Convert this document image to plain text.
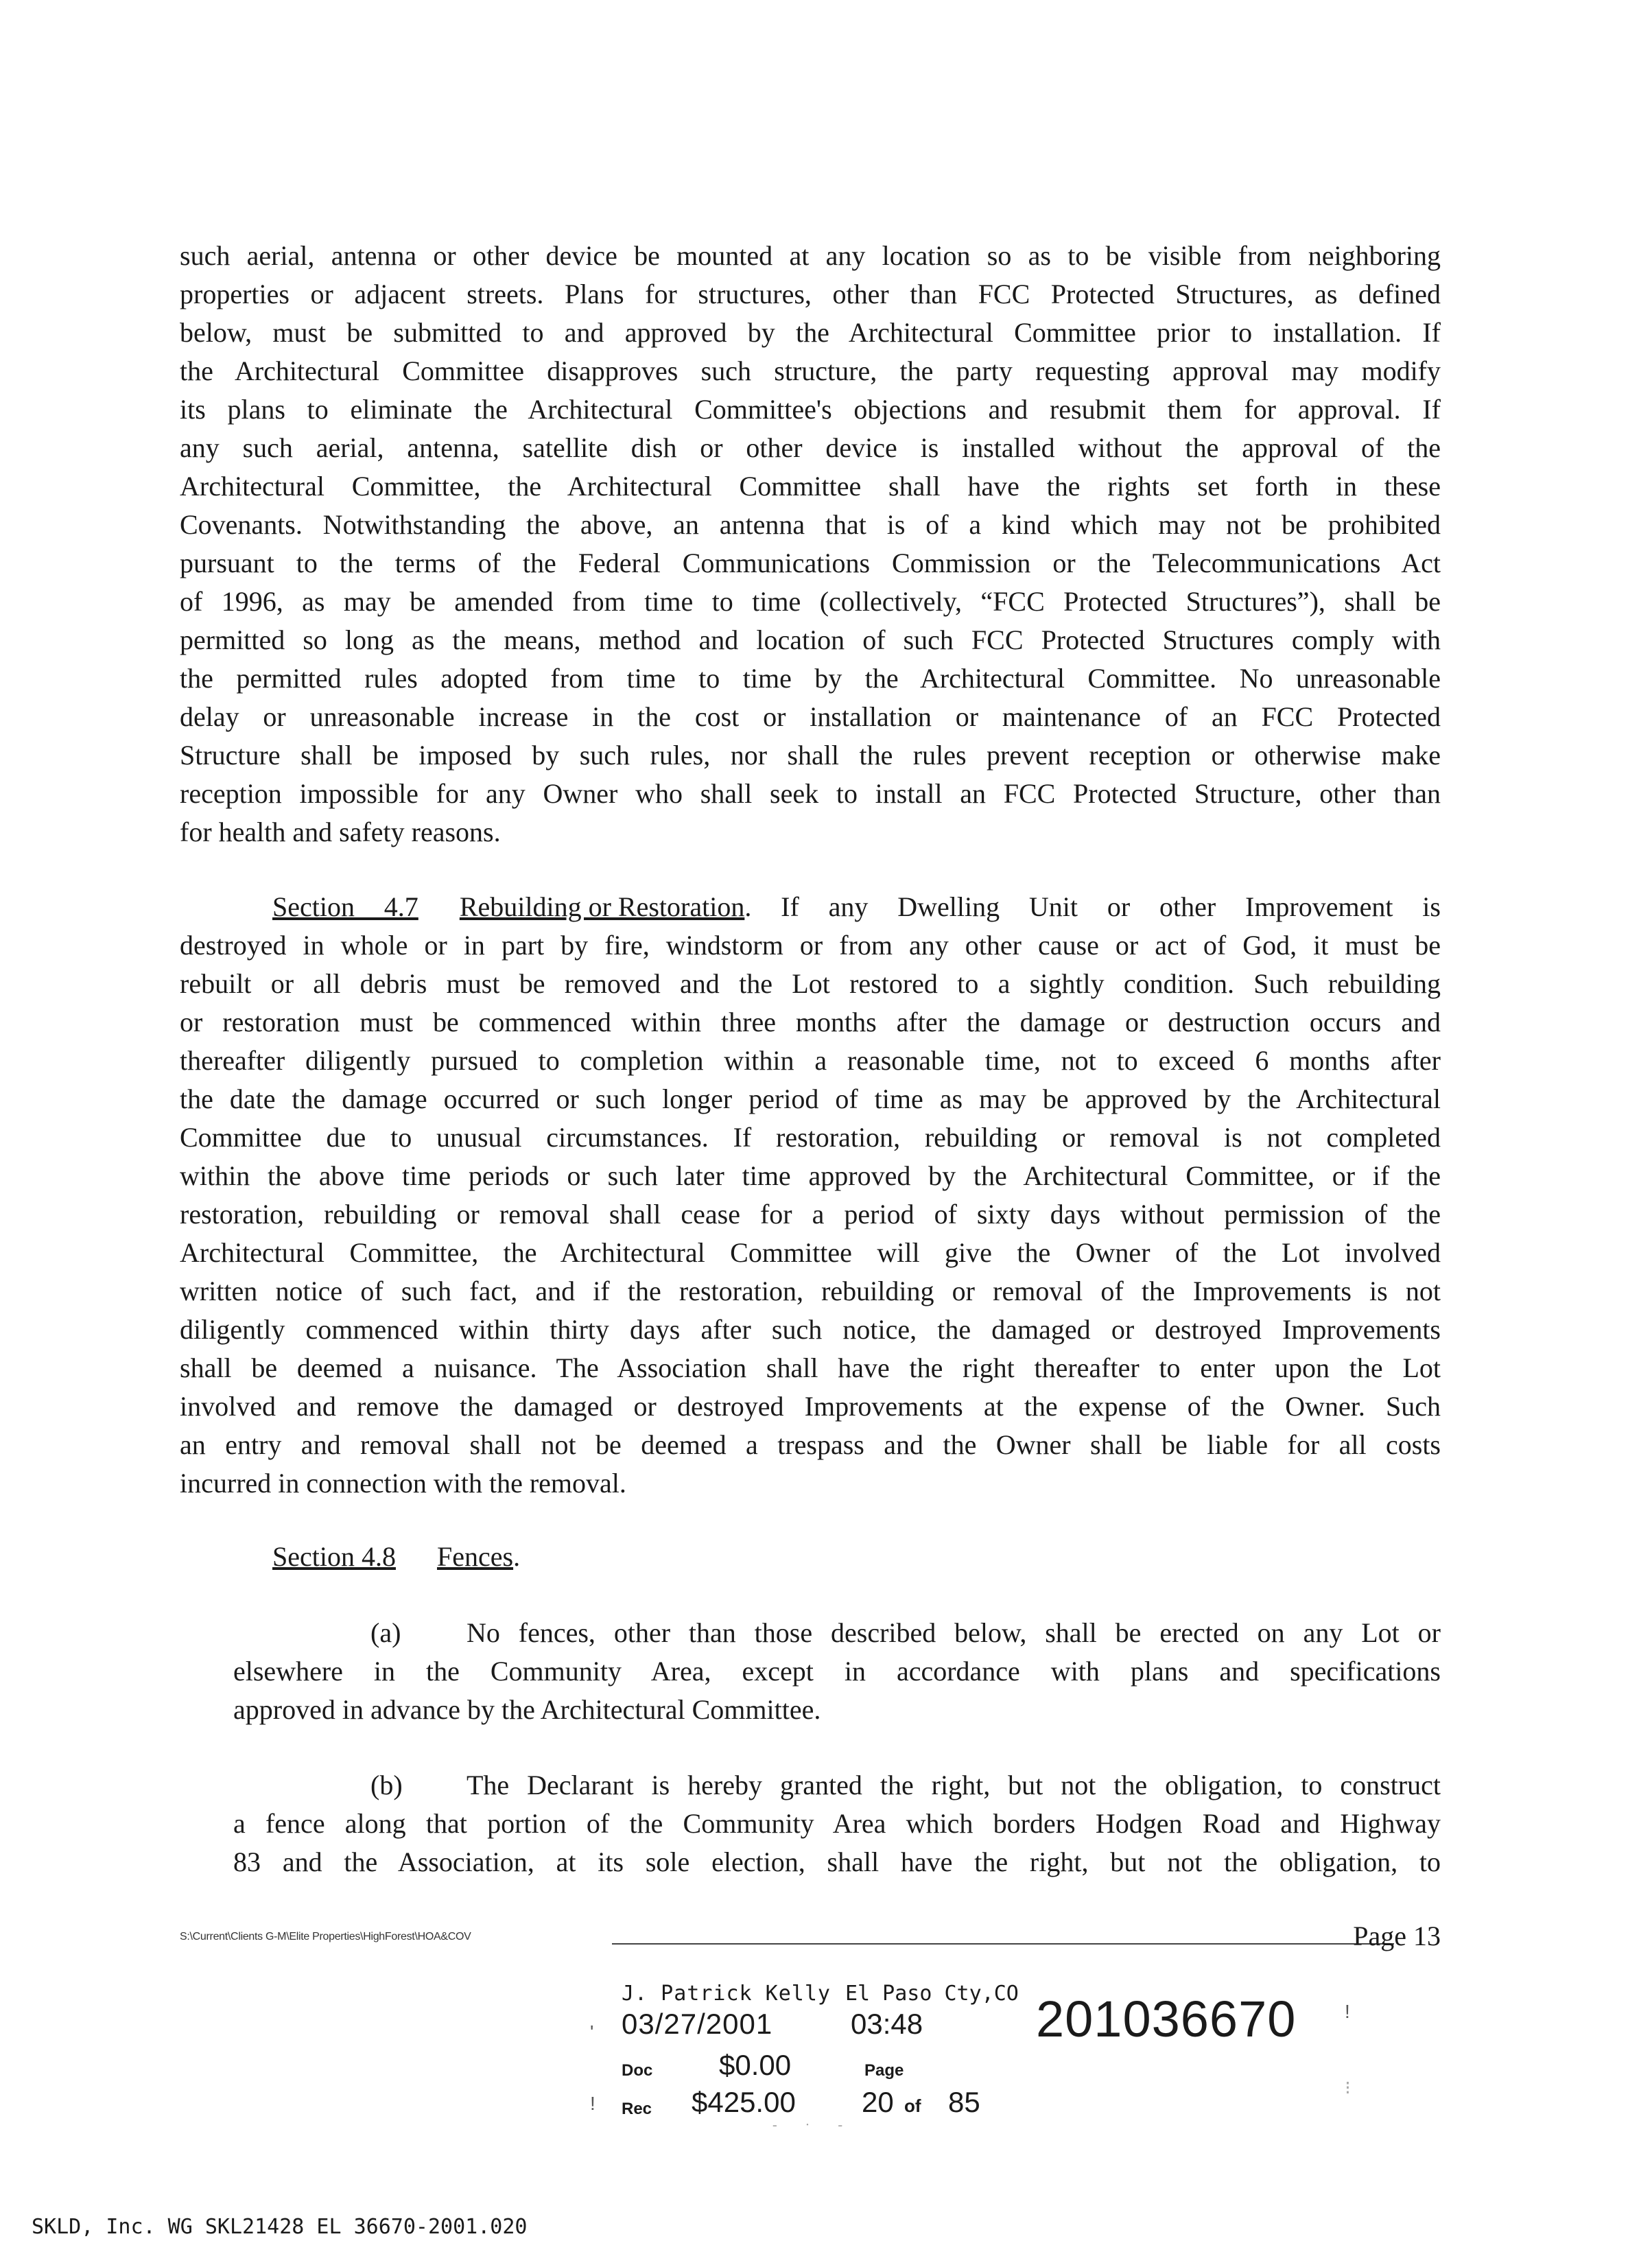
such aerial, antenna or other device be mounted at any location so as to be visible from neighboring
properties or adjacent streets. Plans for structures, other than FCC Protected Structures, as defined
below, must be submitted to and approved by the Architectural Committee prior to installation. If
the Architectural Committee disapproves such structure, the party requesting approval may modify
its plans to eliminate the Architectural Committee's objections and resubmit them for approval. If
any such aerial, antenna, satellite dish or other device is installed without the approval of the
Architectural Committee, the Architectural Committee shall have the rights set forth in these
Covenants. Notwithstanding the above, an antenna that is of a kind which may not be prohibited
pursuant to the terms of the Federal Communications Commission or the Telecommunications Act
of 1996, as may be amended from time to time (collectively, “FCC Protected Structures”), shall be
permitted so long as the means, method and location of such FCC Protected Structures comply with
the permitted rules adopted from time to time by the Architectural Committee. No unreasonable
delay or unreasonable increase in the cost or installation or maintenance of an FCC Protected
Structure shall be imposed by such rules, nor shall the rules prevent reception or otherwise make
reception impossible for any Owner who shall seek to install an FCC Protected Structure, other than
for health and safety reasons.
Section 4.7 Rebuilding or Restoration. If any Dwelling Unit or other Improvement is
destroyed in whole or in part by fire, windstorm or from any other cause or act of God, it must be
rebuilt or all debris must be removed and the Lot restored to a sightly condition. Such rebuilding
or restoration must be commenced within three months after the damage or destruction occurs and
thereafter diligently pursued to completion within a reasonable time, not to exceed 6 months after
the date the damage occurred or such longer period of time as may be approved by the Architectural
Committee due to unusual circumstances. If restoration, rebuilding or removal is not completed
within the above time periods or such later time approved by the Architectural Committee, or if the
restoration, rebuilding or removal shall cease for a period of sixty days without permission of the
Architectural Committee, the Architectural Committee will give the Owner of the Lot involved
written notice of such fact, and if the restoration, rebuilding or removal of the Improvements is not
diligently commenced within thirty days after such notice, the damaged or destroyed Improvements
shall be deemed a nuisance. The Association shall have the right thereafter to enter upon the Lot
involved and remove the damaged or destroyed Improvements at the expense of the Owner. Such
an entry and removal shall not be deemed a trespass and the Owner shall be liable for all costs
incurred in connection with the removal.
Section 4.8 Fences.
(a) No fences, other than those described below, shall be erected on any Lot or
elsewhere in the Community Area, except in accordance with plans and specifications
approved in advance by the Architectural Committee.
(b) The Declarant is hereby granted the right, but not the obligation, to construct
a fence along that portion of the Community Area which borders Hodgen Road and Highway
83 and the Association, at its sole election, shall have the right, but not the obligation, to
S:\Current\Clients G-M\Elite Properties\HighForest\HOA&COV	Page 13
J. Patrick Kelly El Paso Cty,CO
03/27/2001	03:48 201036670
Doc $0.00	Page
Rec $425.00 20 of 85
'
!
!
⁝
- · -
SKLD, Inc. WG SKL21428 EL 36670-2001.020
